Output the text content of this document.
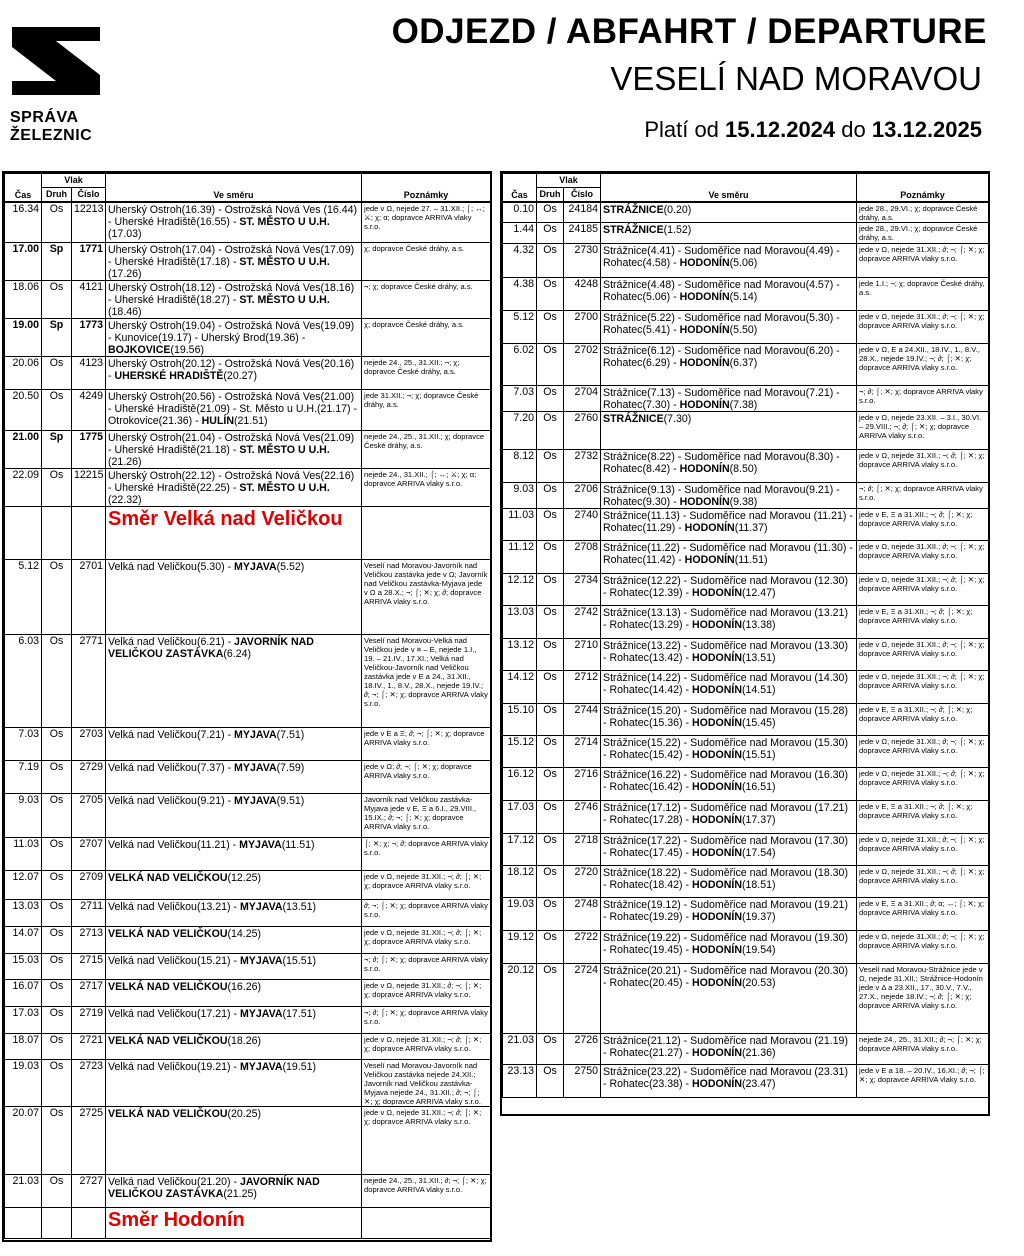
SPRÁVA
ŽELEZNIC
ODJEZD / ABFAHRT / DEPARTURE
VESELÍ NAD MORAVOU
Platí od 15.12.2024 do 13.12.2025
Čas	Vlak		Ve směru	Poznámky
	Druh	Číslo		
16.34	Os	12213	Uherský Ostroh(16.39) - Ostrožská Nová Ves (16.44) - Uherské Hradiště(16.55) - ST. MĚSTO U U.H.(17.03)	jede v Ω, nejede 27. – 31.XII.; ⌠; ↔; ⚔; χ; α; dopravce ARRIVA vlaky s.r.o.
17.00	Sp	1771	Uherský Ostroh(17.04) - Ostrožská Nová Ves(17.09) - Uherské Hradiště(17.18) - ST. MĚSTO U U.H.(17.26)	χ; dopravce České dráhy, a.s.
18.06	Os	4121	Uherský Ostroh(18.12) - Ostrožská Nová Ves(18.16) - Uherské Hradiště(18.27) - ST. MĚSTO U U.H.(18.46)	¬; χ; dopravce České dráhy, a.s.
19.00	Sp	1773	Uherský Ostroh(19.04) - Ostrožská Nová Ves(19.09) - Kunovice(19.17) - Uherský Brod(19.36) - BOJKOVICE(19.56)	χ; dopravce České dráhy, a.s.
20.06	Os	4123	Uherský Ostroh(20.12) - Ostrožská Nová Ves(20.16) - UHERSKÉ HRADIŠTĚ(20.27)	nejede 24., 25., 31.XII.; ¬; χ; dopravce České dráhy, a.s.
20.50	Os	4249	Uherský Ostroh(20.56) - Ostrožská Nová Ves(21.00) - Uherské Hradiště(21.09) - St. Město u U.H.(21.17) - Otrokovice(21.36) - HULÍN(21.51)	jede 31.XII.; ¬; χ; dopravce České dráhy, a.s.
21.00	Sp	1775	Uherský Ostroh(21.04) - Ostrožská Nová Ves(21.09) - Uherské Hradiště(21.18) - ST. MĚSTO U U.H.(21.26)	nejede 24., 25., 31.XII.; χ; dopravce České dráhy, a.s.
22.09	Os	12215	Uherský Ostroh(22.12) - Ostrožská Nová Ves(22.16) - Uherské Hradiště(22.25) - ST. MĚSTO U U.H.(22.32)	nejede 24., 31.XII.; ⌠; ↔; ⚔; χ; α; dopravce ARRIVA vlaky s.r.o.

			Směr Velká nad Veličkou	

5.12	Os	2701	Velká nad Veličkou(5.30) - MYJAVA(5.52)	Veselí nad Moravou-Javorník nad Veličkou zastávka jede v Ω; Javorník nad Veličkou zastávka-Myjava jede v Ω a 28.X.; ¬; ⌠; ✕; χ; ∂; dopravce ARRIVA vlaky s.r.o.
6.03	Os	2771	Velká nad Veličkou(6.21) - JAVORNÍK NAD VELIČKOU ZASTÁVKA(6.24)	Veselí nad Moravou-Velká nad Veličkou jede v ≡ – E, nejede 1.I., 19. – 21.IV., 17.XI.; Velká nad Veličkou-Javorník nad Veličkou zastávka jede v E a 24., 31.XII., 18.IV., 1., 8.V., 28.X., nejede 19.IV.; ∂; ¬; ⌠; ✕; χ; dopravce ARRIVA vlaky s.r.o.
7.03	Os	2703	Velká nad Veličkou(7.21) - MYJAVA(7.51)	jede v E a Ξ; ∂; ¬; ⌠; ✕; χ; dopravce ARRIVA vlaky s.r.o.
7.19	Os	2729	Velká nad Veličkou(7.37) - MYJAVA(7.59)	jede v Ω; ∂; ¬; ⌠; ✕; χ; dopravce ARRIVA vlaky s.r.o.
9.03	Os	2705	Velká nad Veličkou(9.21) - MYJAVA(9.51)	Javorník nad Veličkou zastávka-Myjava jede v E, Ξ a 6.I., 29.VIII., 15.IX.; ∂; ¬; ⌠; ✕; χ; dopravce ARRIVA vlaky s.r.o.
11.03	Os	2707	Velká nad Veličkou(11.21) - MYJAVA(11.51)	⌠; ✕; χ; ¬; ∂; dopravce ARRIVA vlaky s.r.o.
12.07	Os	2709	VELKÁ NAD VELIČKOU(12.25)	jede v Ω, nejede 31.XII.; ¬; ∂; ⌠; ✕; χ; dopravce ARRIVA vlaky s.r.o.
13.03	Os	2711	Velká nad Veličkou(13.21) - MYJAVA(13.51)	∂; ¬; ⌠; ✕; χ; dopravce ARRIVA vlaky s.r.o.
14.07	Os	2713	VELKÁ NAD VELIČKOU(14.25)	jede v Ω, nejede 31.XII.; ¬; ∂; ⌠; ✕; χ; dopravce ARRIVA vlaky s.r.o.
15.03	Os	2715	Velká nad Veličkou(15.21) - MYJAVA(15.51)	¬; ∂; ⌠; ✕; χ; dopravce ARRIVA vlaky s.r.o.
16.07	Os	2717	VELKÁ NAD VELIČKOU(16.26)	jede v Ω, nejede 31.XII.; ∂; ¬; ⌠; ✕; χ; dopravce ARRIVA vlaky s.r.o.
17.03	Os	2719	Velká nad Veličkou(17.21) - MYJAVA(17.51)	¬; ∂; ⌠; ✕; χ; dopravce ARRIVA vlaky s.r.o.
18.07	Os	2721	VELKÁ NAD VELIČKOU(18.26)	jede v Ω, nejede 31.XII.; ¬; ∂; ⌠; ✕; χ; dopravce ARRIVA vlaky s.r.o.
19.03	Os	2723	Velká nad Veličkou(19.21) - MYJAVA(19.51)	Veselí nad Moravou-Javorník nad Veličkou zastávka nejede 24.XII.; Javorník nad Veličkou zastávka-Myjava nejede 24., 31.XII.; ∂; ¬; ⌠; ✕; χ; dopravce ARRIVA vlaky s.r.o.
20.07	Os	2725	VELKÁ NAD VELIČKOU(20.25)	jede v Ω, nejede 31.XII.; ¬; ∂; ⌠; ✕; χ; dopravce ARRIVA vlaky s.r.o.
21.03	Os	2727	Velká nad Veličkou(21.20) - JAVORNÍK NAD VELIČKOU ZASTÁVKA(21.25)	nejede 24., 25., 31.XII.; ∂; ¬; ⌠; ✕; χ; dopravce ARRIVA vlaky s.r.o.

			Směr Hodonín	

Čas	Vlak		Ve směru	Poznámky
	Druh	Číslo		
0.10	Os	24184	STRÁŽNICE(0.20)	jede 28., 29.VI.; χ; dopravce České dráhy, a.s.
1.44	Os	24185	STRÁŽNICE(1.52)	jede 28., 29.VI.; χ; dopravce České dráhy, a.s.
4.32	Os	2730	Strážnice(4.41) - Sudoměřice nad Moravou(4.49) - Rohatec(4.58) - HODONÍN(5.06)	jede v Ω, nejede 31.XII.; ∂; ¬; ⌠; ✕; χ; dopravce ARRIVA vlaky s.r.o.
4.38	Os	4248	Strážnice(4.48) - Sudoměřice nad Moravou(4.57) - Rohatec(5.06) - HODONÍN(5.14)	jede 1.I.; ¬; χ; dopravce České dráhy, a.s.
5.12	Os	2700	Strážnice(5.22) - Sudoměřice nad Moravou(5.30) - Rohatec(5.41) - HODONÍN(5.50)	jede v Ω, nejede 31.XII.; ∂; ¬; ⌠; ✕; χ; dopravce ARRIVA vlaky s.r.o.
6.02	Os	2702	Strážnice(6.12) - Sudoměřice nad Moravou(6.20) - Rohatec(6.29) - HODONÍN(6.37)	jede v Ω, E a 24.XII., 18.IV., 1., 8.V., 28.X., nejede 19.IV.; ¬; ∂; ⌠; ✕; χ; dopravce ARRIVA vlaky s.r.o.
7.03	Os	2704	Strážnice(7.13) - Sudoměřice nad Moravou(7.21) - Rohatec(7.30) - HODONÍN(7.38)	¬; ∂; ⌠; ✕; χ; dopravce ARRIVA vlaky s.r.o.
7.20	Os	2760	STRÁŽNICE(7.30)	jede v Ω, nejede 23.XII. – 3.I., 30.VI. – 29.VIII.; ¬; ∂; ⌠; ✕; χ; dopravce ARRIVA vlaky s.r.o.
8.12	Os	2732	Strážnice(8.22) - Sudoměřice nad Moravou(8.30) - Rohatec(8.42) - HODONÍN(8.50)	jede v Ω, nejede 31.XII.; ¬; ∂; ⌠; ✕; χ; dopravce ARRIVA vlaky s.r.o.
9.03	Os	2706	Strážnice(9.13) - Sudoměřice nad Moravou(9.21) - Rohatec(9.30) - HODONÍN(9.38)	¬; ∂; ⌠; ✕; χ; dopravce ARRIVA vlaky s.r.o.
11.03	Os	2740	Strážnice(11.13) - Sudoměřice nad Moravou (11.21) - Rohatec(11.29) - HODONÍN(11.37)	jede v E, Ξ a 31.XII.; ¬; ∂; ⌠; ✕; χ; dopravce ARRIVA vlaky s.r.o.
11.12	Os	2708	Strážnice(11.22) - Sudoměřice nad Moravou (11.30) - Rohatec(11.42) - HODONÍN(11.51)	jede v Ω, nejede 31.XII.; ∂; ¬; ⌠; ✕; χ; dopravce ARRIVA vlaky s.r.o.
12.12	Os	2734	Strážnice(12.22) - Sudoměřice nad Moravou (12.30) - Rohatec(12.39) - HODONÍN(12.47)	jede v Ω, nejede 31.XII.; ¬; ∂; ⌠; ✕; χ; dopravce ARRIVA vlaky s.r.o.
13.03	Os	2742	Strážnice(13.13) - Sudoměřice nad Moravou (13.21) - Rohatec(13.29) - HODONÍN(13.38)	jede v E, Ξ a 31.XII.; ¬; ∂; ⌠; ✕; χ; dopravce ARRIVA vlaky s.r.o.
13.12	Os	2710	Strážnice(13.22) - Sudoměřice nad Moravou (13.30) - Rohatec(13.42) - HODONÍN(13.51)	jede v Ω, nejede 31.XII.; ∂; ¬; ⌠; ✕; χ; dopravce ARRIVA vlaky s.r.o.
14.12	Os	2712	Strážnice(14.22) - Sudoměřice nad Moravou (14.30) - Rohatec(14.42) - HODONÍN(14.51)	jede v Ω, nejede 31.XII.; ¬; ∂; ⌠; ✕; χ; dopravce ARRIVA vlaky s.r.o.
15.10	Os	2744	Strážnice(15.20) - Sudoměřice nad Moravou (15.28) - Rohatec(15.36) - HODONÍN(15.45)	jede v E, Ξ a 31.XII.; ¬; ∂; ⌠; ✕; χ; dopravce ARRIVA vlaky s.r.o.
15.12	Os	2714	Strážnice(15.22) - Sudoměřice nad Moravou (15.30) - Rohatec(15.42) - HODONÍN(15.51)	jede v Ω, nejede 31.XII.; ∂; ¬; ⌠; ✕; χ; dopravce ARRIVA vlaky s.r.o.
16.12	Os	2716	Strážnice(16.22) - Sudoměřice nad Moravou (16.30) - Rohatec(16.42) - HODONÍN(16.51)	jede v Ω, nejede 31.XII.; ¬; ∂; ⌠; ✕; χ; dopravce ARRIVA vlaky s.r.o.
17.03	Os	2746	Strážnice(17.12) - Sudoměřice nad Moravou (17.21) - Rohatec(17.28) - HODONÍN(17.37)	jede v E, Ξ a 31.XII.; ¬; ∂; ⌠; ✕; χ; dopravce ARRIVA vlaky s.r.o.
17.12	Os	2718	Strážnice(17.22) - Sudoměřice nad Moravou (17.30) - Rohatec(17.45) - HODONÍN(17.54)	jede v Ω, nejede 31.XII.; ∂; ¬; ⌠; ✕; χ; dopravce ARRIVA vlaky s.r.o.
18.12	Os	2720	Strážnice(18.22) - Sudoměřice nad Moravou (18.30) - Rohatec(18.42) - HODONÍN(18.51)	jede v Ω, nejede 31.XII.; ¬; ∂; ⌠; ✕; χ; dopravce ARRIVA vlaky s.r.o.
19.03	Os	2748	Strážnice(19.12) - Sudoměřice nad Moravou (19.21) - Rohatec(19.29) - HODONÍN(19.37)	jede v E, Ξ a 31.XII.; ∂; α; ↔; ⌠; ✕; χ; dopravce ARRIVA vlaky s.r.o.
19.12	Os	2722	Strážnice(19.22) - Sudoměřice nad Moravou (19.30) - Rohatec(19.45) - HODONÍN(19.54)	jede v Ω, nejede 31.XII.; ∂; ¬; ⌠; ✕; χ; dopravce ARRIVA vlaky s.r.o.
20.12	Os	2724	Strážnice(20.21) - Sudoměřice nad Moravou (20.30) - Rohatec(20.45) - HODONÍN(20.53)	Veselí nad Moravou-Strážnice jede v Ω, nejede 31.XII.; Strážnice-Hodonín jede v Δ a 23.XII., 17., 30.V., 7.V., 27.X., nejede 18.IV.; ¬; ∂; ⌠; ✕; χ; dopravce ARRIVA vlaky s.r.o.
21.03	Os	2726	Strážnice(21.12) - Sudoměřice nad Moravou (21.19) - Rohatec(21.27) - HODONÍN(21.36)	nejede 24., 25., 31.XII.; ∂; ¬; ⌠; ✕; χ; dopravce ARRIVA vlaky s.r.o.
23.13	Os	2750	Strážnice(23.22) - Sudoměřice nad Moravou (23.31) - Rohatec(23.38) - HODONÍN(23.47)	jede v E a 18. – 20.IV., 16.XI.; ∂; ¬; ⌠; ✕; χ; dopravce ARRIVA vlaky s.r.o.
